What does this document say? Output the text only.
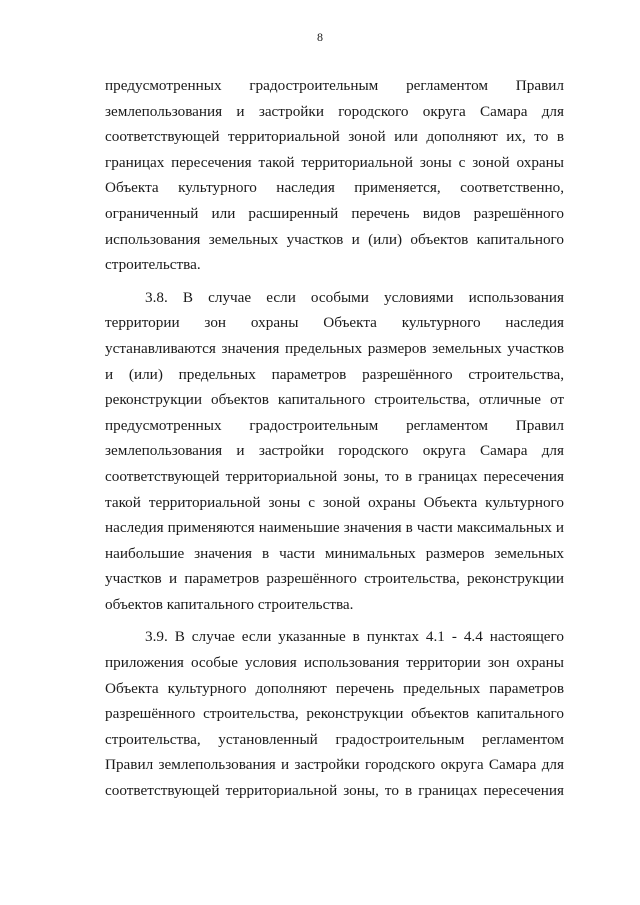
8
предусмотренных градостроительным регламентом Правил
землепользования и застройки городского округа Самара для
соответствующей территориальной зоной или дополняют их, то в
границах пересечения такой территориальной зоны с зоной охраны
Объекта культурного наследия применяется, соответственно,
ограниченный или расширенный перечень видов разрешённого
использования земельных участков и (или) объектов капитального
строительства.
3.8. В случае если особыми условиями использования
территории зон охраны Объекта культурного наследия
устанавливаются значения предельных размеров земельных участков
и (или) предельных параметров разрешённого строительства,
реконструкции объектов капитального строительства, отличные от
предусмотренных градостроительным регламентом Правил
землепользования и застройки городского округа Самара для
соответствующей территориальной зоны, то в границах пересечения
такой территориальной зоны с зоной охраны Объекта культурного
наследия применяются наименьшие значения в части максимальных и
наибольшие значения в части минимальных размеров земельных
участков и параметров разрешённого строительства, реконструкции
объектов капитального строительства.
3.9. В случае если указанные в пунктах 4.1 - 4.4 настоящего
приложения особые условия использования территории зон охраны
Объекта культурного дополняют перечень предельных параметров
разрешённого строительства, реконструкции объектов капитального
строительства, установленный градостроительным регламентом
Правил землепользования и застройки городского округа Самара для
соответствующей территориальной зоны, то в границах пересечения
